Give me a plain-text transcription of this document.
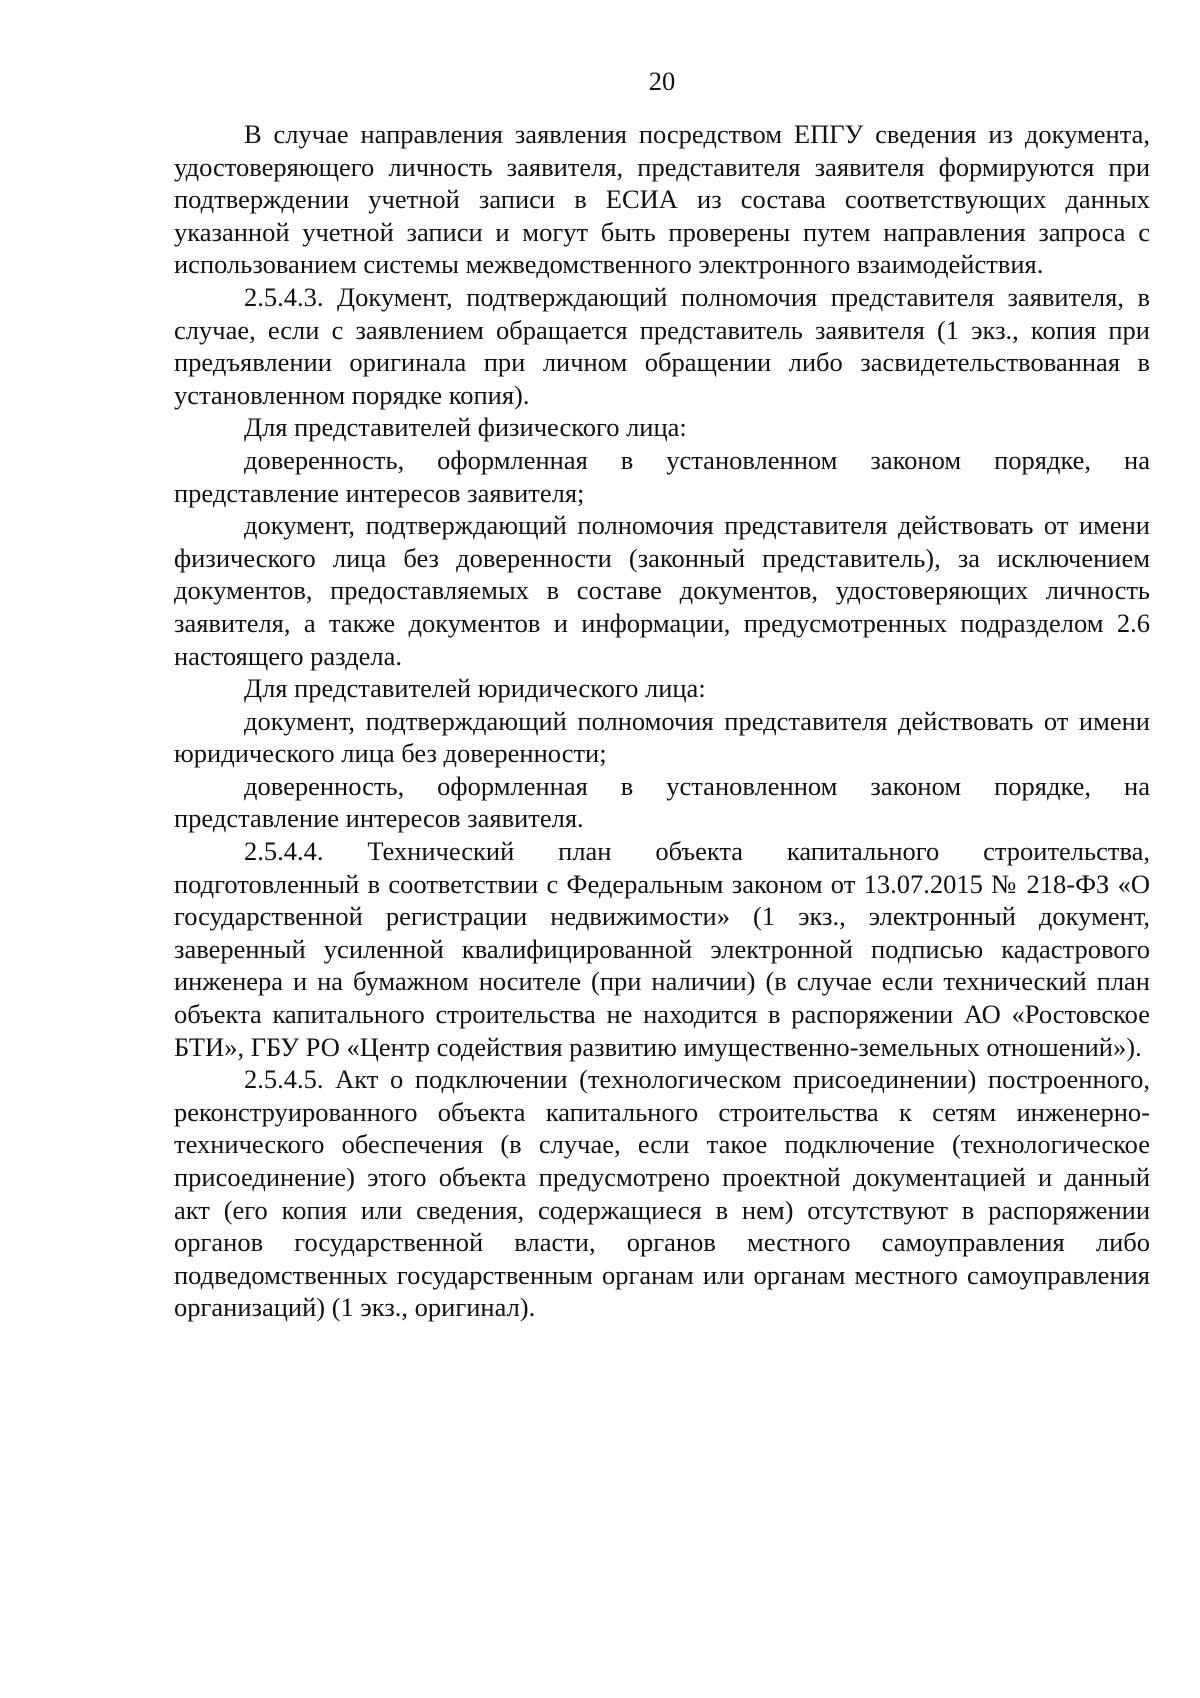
20

В случае направления заявления посредством ЕПГУ сведения из документа, удостоверяющего личность заявителя, представителя заявителя формируются при подтверждении учетной записи в ЕСИА из состава соответствующих данных указанной учетной записи и могут быть проверены путем направления запроса с использованием системы межведомственного электронного взаимодействия.

2.5.4.3. Документ, подтверждающий полномочия представителя заявителя, в случае, если с заявлением обращается представитель заявителя (1 экз., копия при предъявлении оригинала при личном обращении либо засвидетельствованная в установленном порядке копия).

Для представителей физического лица:

доверенность, оформленная в установленном законом порядке, на представление интересов заявителя;

документ, подтверждающий полномочия представителя действовать от имени физического лица без доверенности (законный представитель), за исключением документов, предоставляемых в составе документов, удостоверяющих личность заявителя, а также документов и информации, предусмотренных подразделом 2.6 настоящего раздела.

Для представителей юридического лица:

документ, подтверждающий полномочия представителя действовать от имени юридического лица без доверенности;

доверенность, оформленная в установленном законом порядке, на представление интересов заявителя.

2.5.4.4. Технический план объекта капитального строительства, подготовленный в соответствии с Федеральным законом от 13.07.2015 № 218-ФЗ «О государственной регистрации недвижимости» (1 экз., электронный документ, заверенный усиленной квалифицированной электронной подписью кадастрового инженера и на бумажном носителе (при наличии) (в случае если технический план объекта капитального строительства не находится в распоряжении АО «Ростовское БТИ», ГБУ РО «Центр содействия развитию имущественно-земельных отношений»).

2.5.4.5. Акт о подключении (технологическом присоединении) построенного, реконструированного объекта капитального строительства к сетям инженерно-технического обеспечения (в случае, если такое подключение (технологическое присоединение) этого объекта предусмотрено проектной документацией и данный акт (его копия или сведения, содержащиеся в нем) отсутствуют в распоряжении органов государственной власти, органов местного самоуправления либо подведомственных государственным органам или органам местного самоуправления организаций) (1 экз., оригинал).
